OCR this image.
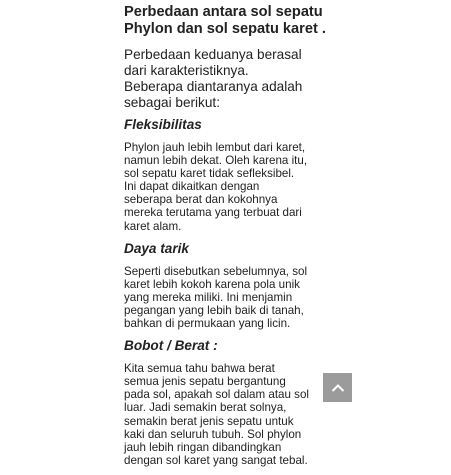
Perbedaan antara sol sepatu
Phylon dan sol sepatu karet .
Perbedaan keduanya berasal
dari karakteristiknya.
Beberapa diantaranya adalah
sebagai berikut:
Fleksibilitas
Phylon jauh lebih lembut dari karet,
namun lebih dekat. Oleh karena itu,
sol sepatu karet tidak sefleksibel.
Ini dapat dikaitkan dengan
seberapa berat dan kokohnya
mereka terutama yang terbuat dari
karet alam.
Daya tarik
Seperti disebutkan sebelumnya, sol
karet lebih kokoh karena pola unik
yang mereka miliki. Ini menjamin
pegangan yang lebih baik di tanah,
bahkan di permukaan yang licin.
Bobot / Berat :
Kita semua tahu bahwa berat
semua jenis sepatu bergantung
pada sol, apakah sol dalam atau sol
luar. Jadi semakin berat solnya,
semakin berat jenis sepatu untuk
kaki dan seluruh tubuh. Sol phylon
jauh lebih ringan dibandingkan
dengan sol karet yang sangat tebal.
